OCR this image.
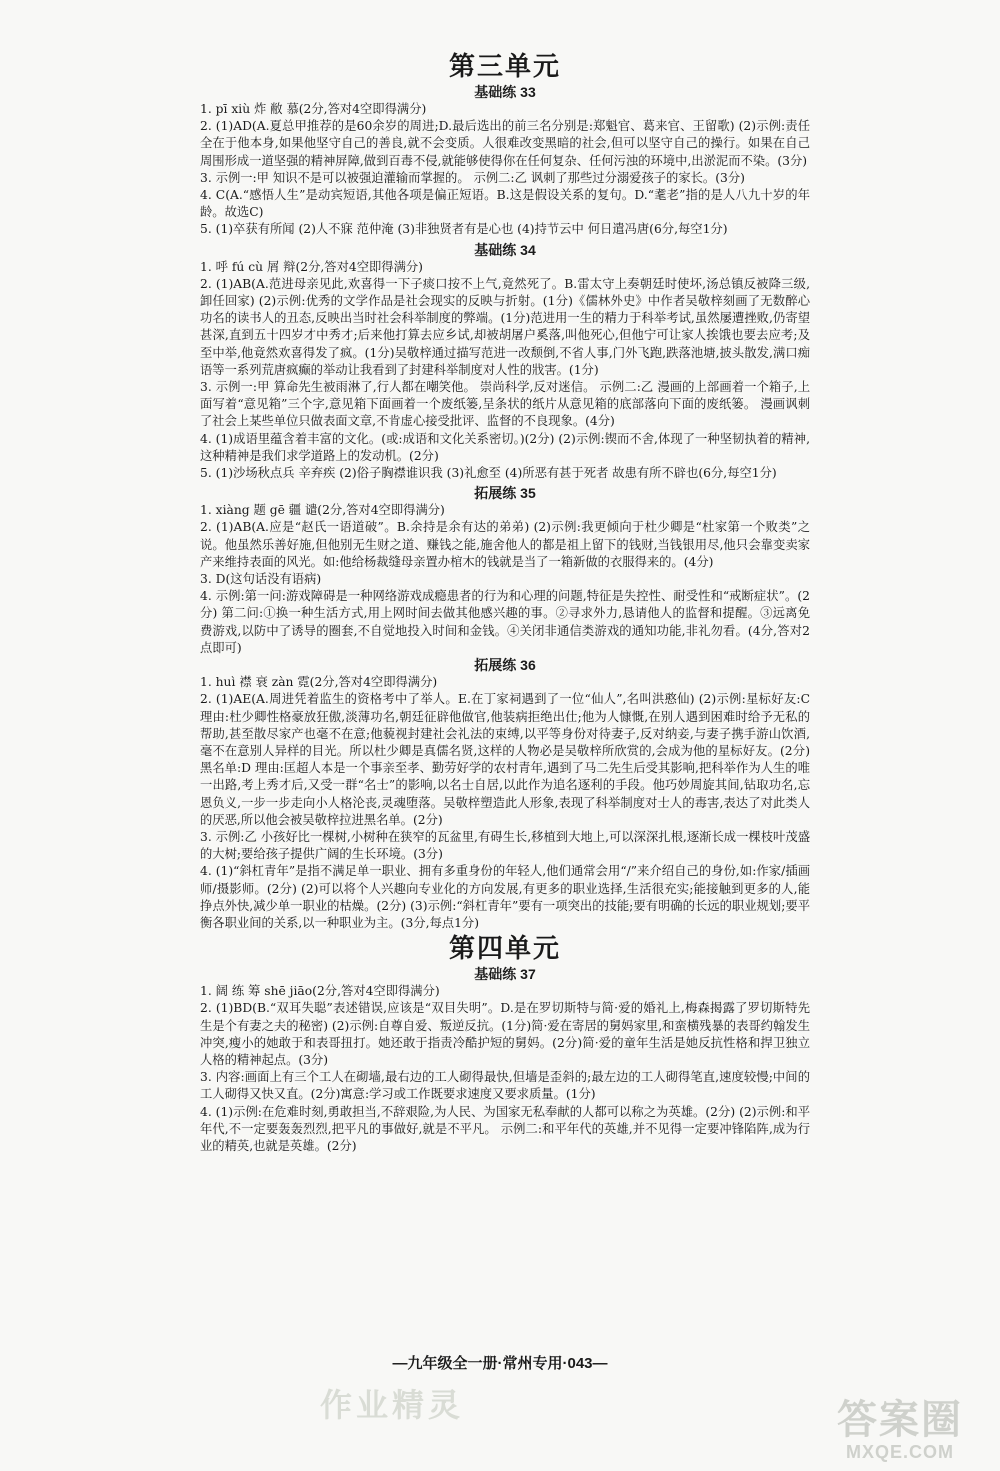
第三单元
基础练 33

1. pī xiù 炸 敝 慕(2分,答对4空即得满分)

2. (1)AD(A.夏总甲推荐的是60余岁的周进;D.最后选出的前三名分别是:郑魁官、葛来官、王留歌) (2)示例:责任全在于他本身,如果他坚守自己的善良,就不会变质。人很难改变黑暗的社会,但可以坚守自己的操行。如果在自己周围形成一道坚强的精神屏障,做到百毒不侵,就能够使得你在任何复杂、任何污浊的环境中,出淤泥而不染。(3分)

3. 示例一:甲 知识不是可以被强迫灌输而掌握的。 示例二:乙 讽刺了那些过分溺爱孩子的家长。(3分)

4. C(A.“感悟人生”是动宾短语,其他各项是偏正短语。B.这是假设关系的复句。D.“耄老”指的是人八九十岁的年龄。故选C)

5. (1)卒获有所闻 (2)人不寐 范仲淹 (3)非独贤者有是心也 (4)持节云中 何日遣冯唐(6分,每空1分)

基础练 34

1. 呼 fú cù 屑 辩(2分,答对4空即得满分)

2. (1)AB(A.范进母亲见此,欢喜得一下子痰口按不上气,竟然死了。B.雷太守上奏朝廷时使坏,汤总镇反被降三级,卸任回家) (2)示例:优秀的文学作品是社会现实的反映与折射。(1分)《儒林外史》中作者吴敬梓刻画了无数醉心功名的读书人的丑态,反映出当时社会科举制度的弊端。(1分)范进用一生的精力于科举考试,虽然屡遭挫败,仍寄望甚深,直到五十四岁才中秀才;后来他打算去应乡试,却被胡屠户奚落,叫他死心,但他宁可让家人挨饿也要去应考;及至中举,他竟然欢喜得发了疯。(1分)吴敬梓通过描写范进一改颓倒,不省人事,门外飞跑,跌落池塘,披头散发,满口痴语等一系列荒唐疯癫的举动让我看到了封建科举制度对人性的戕害。(1分)

3. 示例一:甲 算命先生被雨淋了,行人都在嘲笑他。 崇尚科学,反对迷信。 示例二:乙 漫画的上部画着一个箱子,上面写着“意见箱”三个字,意见箱下面画着一个废纸篓,呈条状的纸片从意见箱的底部落向下面的废纸篓。 漫画讽刺了社会上某些单位只做表面文章,不肯虚心接受批评、监督的不良现象。(4分)

4. (1)成语里蕴含着丰富的文化。(或:成语和文化关系密切。)(2分) (2)示例:锲而不舍,体现了一种坚韧执着的精神,这种精神是我们求学道路上的发动机。(2分)

5. (1)沙场秋点兵 辛弃疾 (2)俗子胸襟谁识我 (3)礼愈至 (4)所恶有甚于死者 故患有所不辟也(6分,每空1分)

拓展练 35

1. xiàng 题 gē 疆 谴(2分,答对4空即得满分)

2. (1)AB(A.应是“赵氏一语道破”。B.余持是余有达的弟弟) (2)示例:我更倾向于杜少卿是“杜家第一个败类”之说。他虽然乐善好施,但他别无生财之道、赚钱之能,施舍他人的都是祖上留下的钱财,当钱银用尽,他只会靠变卖家产来维持表面的风光。如:他给杨裁缝母亲置办棺木的钱就是当了一箱新做的衣服得来的。(4分)

3. D(这句话没有语病)

4. 示例:第一问:游戏障碍是一种网络游戏成瘾患者的行为和心理的问题,特征是失控性、耐受性和“戒断症状”。(2分) 第二问:①换一种生活方式,用上网时间去做其他感兴趣的事。②寻求外力,恳请他人的监督和提醒。③远离免费游戏,以防中了诱导的圈套,不自觉地投入时间和金钱。④关闭非通信类游戏的通知功能,非礼勿看。(4分,答对2点即可)

拓展练 36

1. huì 襟 衰 zàn 霓(2分,答对4空即得满分)

2. (1)AE(A.周进凭着监生的资格考中了举人。E.在丁家祠遇到了一位“仙人”,名叫洪憨仙) (2)示例:星标好友:C 理由:杜少卿性格豪放狂傲,淡薄功名,朝廷征辟他做官,他装病拒绝出仕;他为人慷慨,在别人遇到困难时给予无私的帮助,甚至散尽家产也毫不在意;他藐视封建社会礼法的束缚,以平等身份对待妻子,反对纳妾,与妻子携手游山饮酒,毫不在意别人异样的目光。所以杜少卿是真儒名贤,这样的人物必是吴敬梓所欣赏的,会成为他的星标好友。(2分) 黑名单:D 理由:匡超人本是一个事亲至孝、勤劳好学的农村青年,遇到了马二先生后受其影响,把科举作为人生的唯一出路,考上秀才后,又受一群“名士”的影响,以名士自居,以此作为追名逐利的手段。他巧妙周旋其间,钻取功名,忘恩负义,一步一步走向小人格沦丧,灵魂堕落。吴敬梓塑造此人形象,表现了科举制度对士人的毒害,表达了对此类人的厌恶,所以他会被吴敬梓拉进黑名单。(2分)

3. 示例:乙 小孩好比一棵树,小树种在狭窄的瓦盆里,有碍生长,移植到大地上,可以深深扎根,逐渐长成一棵枝叶茂盛的大树;要给孩子提供广阔的生长环境。(3分)

4. (1)“斜杠青年”是指不满足单一职业、拥有多重身份的年轻人,他们通常会用“/”来介绍自己的身份,如:作家/插画师/摄影师。(2分) (2)可以将个人兴趣向专业化的方向发展,有更多的职业选择,生活很充实;能接触到更多的人,能挣点外快,减少单一职业的枯燥。(2分) (3)示例:“斜杠青年”要有一项突出的技能;要有明确的长远的职业规划;要平衡各职业间的关系,以一种职业为主。(3分,每点1分)

第四单元
基础练 37

1. 阔 练 筹 shē jiāo(2分,答对4空即得满分)

2. (1)BD(B.“双耳失聪”表述错误,应该是“双目失明”。D.是在罗切斯特与简·爱的婚礼上,梅森揭露了罗切斯特先生是个有妻之夫的秘密) (2)示例:自尊自爱、叛逆反抗。(1分)简·爱在寄居的舅妈家里,和蛮横残暴的表哥约翰发生冲突,瘦小的她敢于和表哥扭打。她还敢于指责冷酷护短的舅妈。(2分)简·爱的童年生活是她反抗性格和捍卫独立人格的精神起点。(3分)

3. 内容:画面上有三个工人在砌墙,最右边的工人砌得最快,但墙是歪斜的;最左边的工人砌得笔直,速度较慢;中间的工人砌得又快又直。(2分)寓意:学习或工作既要求速度又要求质量。(1分)

4. (1)示例:在危难时刻,勇敢担当,不辞艰险,为人民、为国家无私奉献的人都可以称之为英雄。(2分) (2)示例:和平年代,不一定要轰轰烈烈,把平凡的事做好,就是不平凡。 示例二:和平年代的英雄,并不见得一定要冲锋陷阵,成为行业的精英,也就是英雄。(2分)

—九年级全一册·常州专用·043—
作业精灵	答案圈
MXQE.COM
